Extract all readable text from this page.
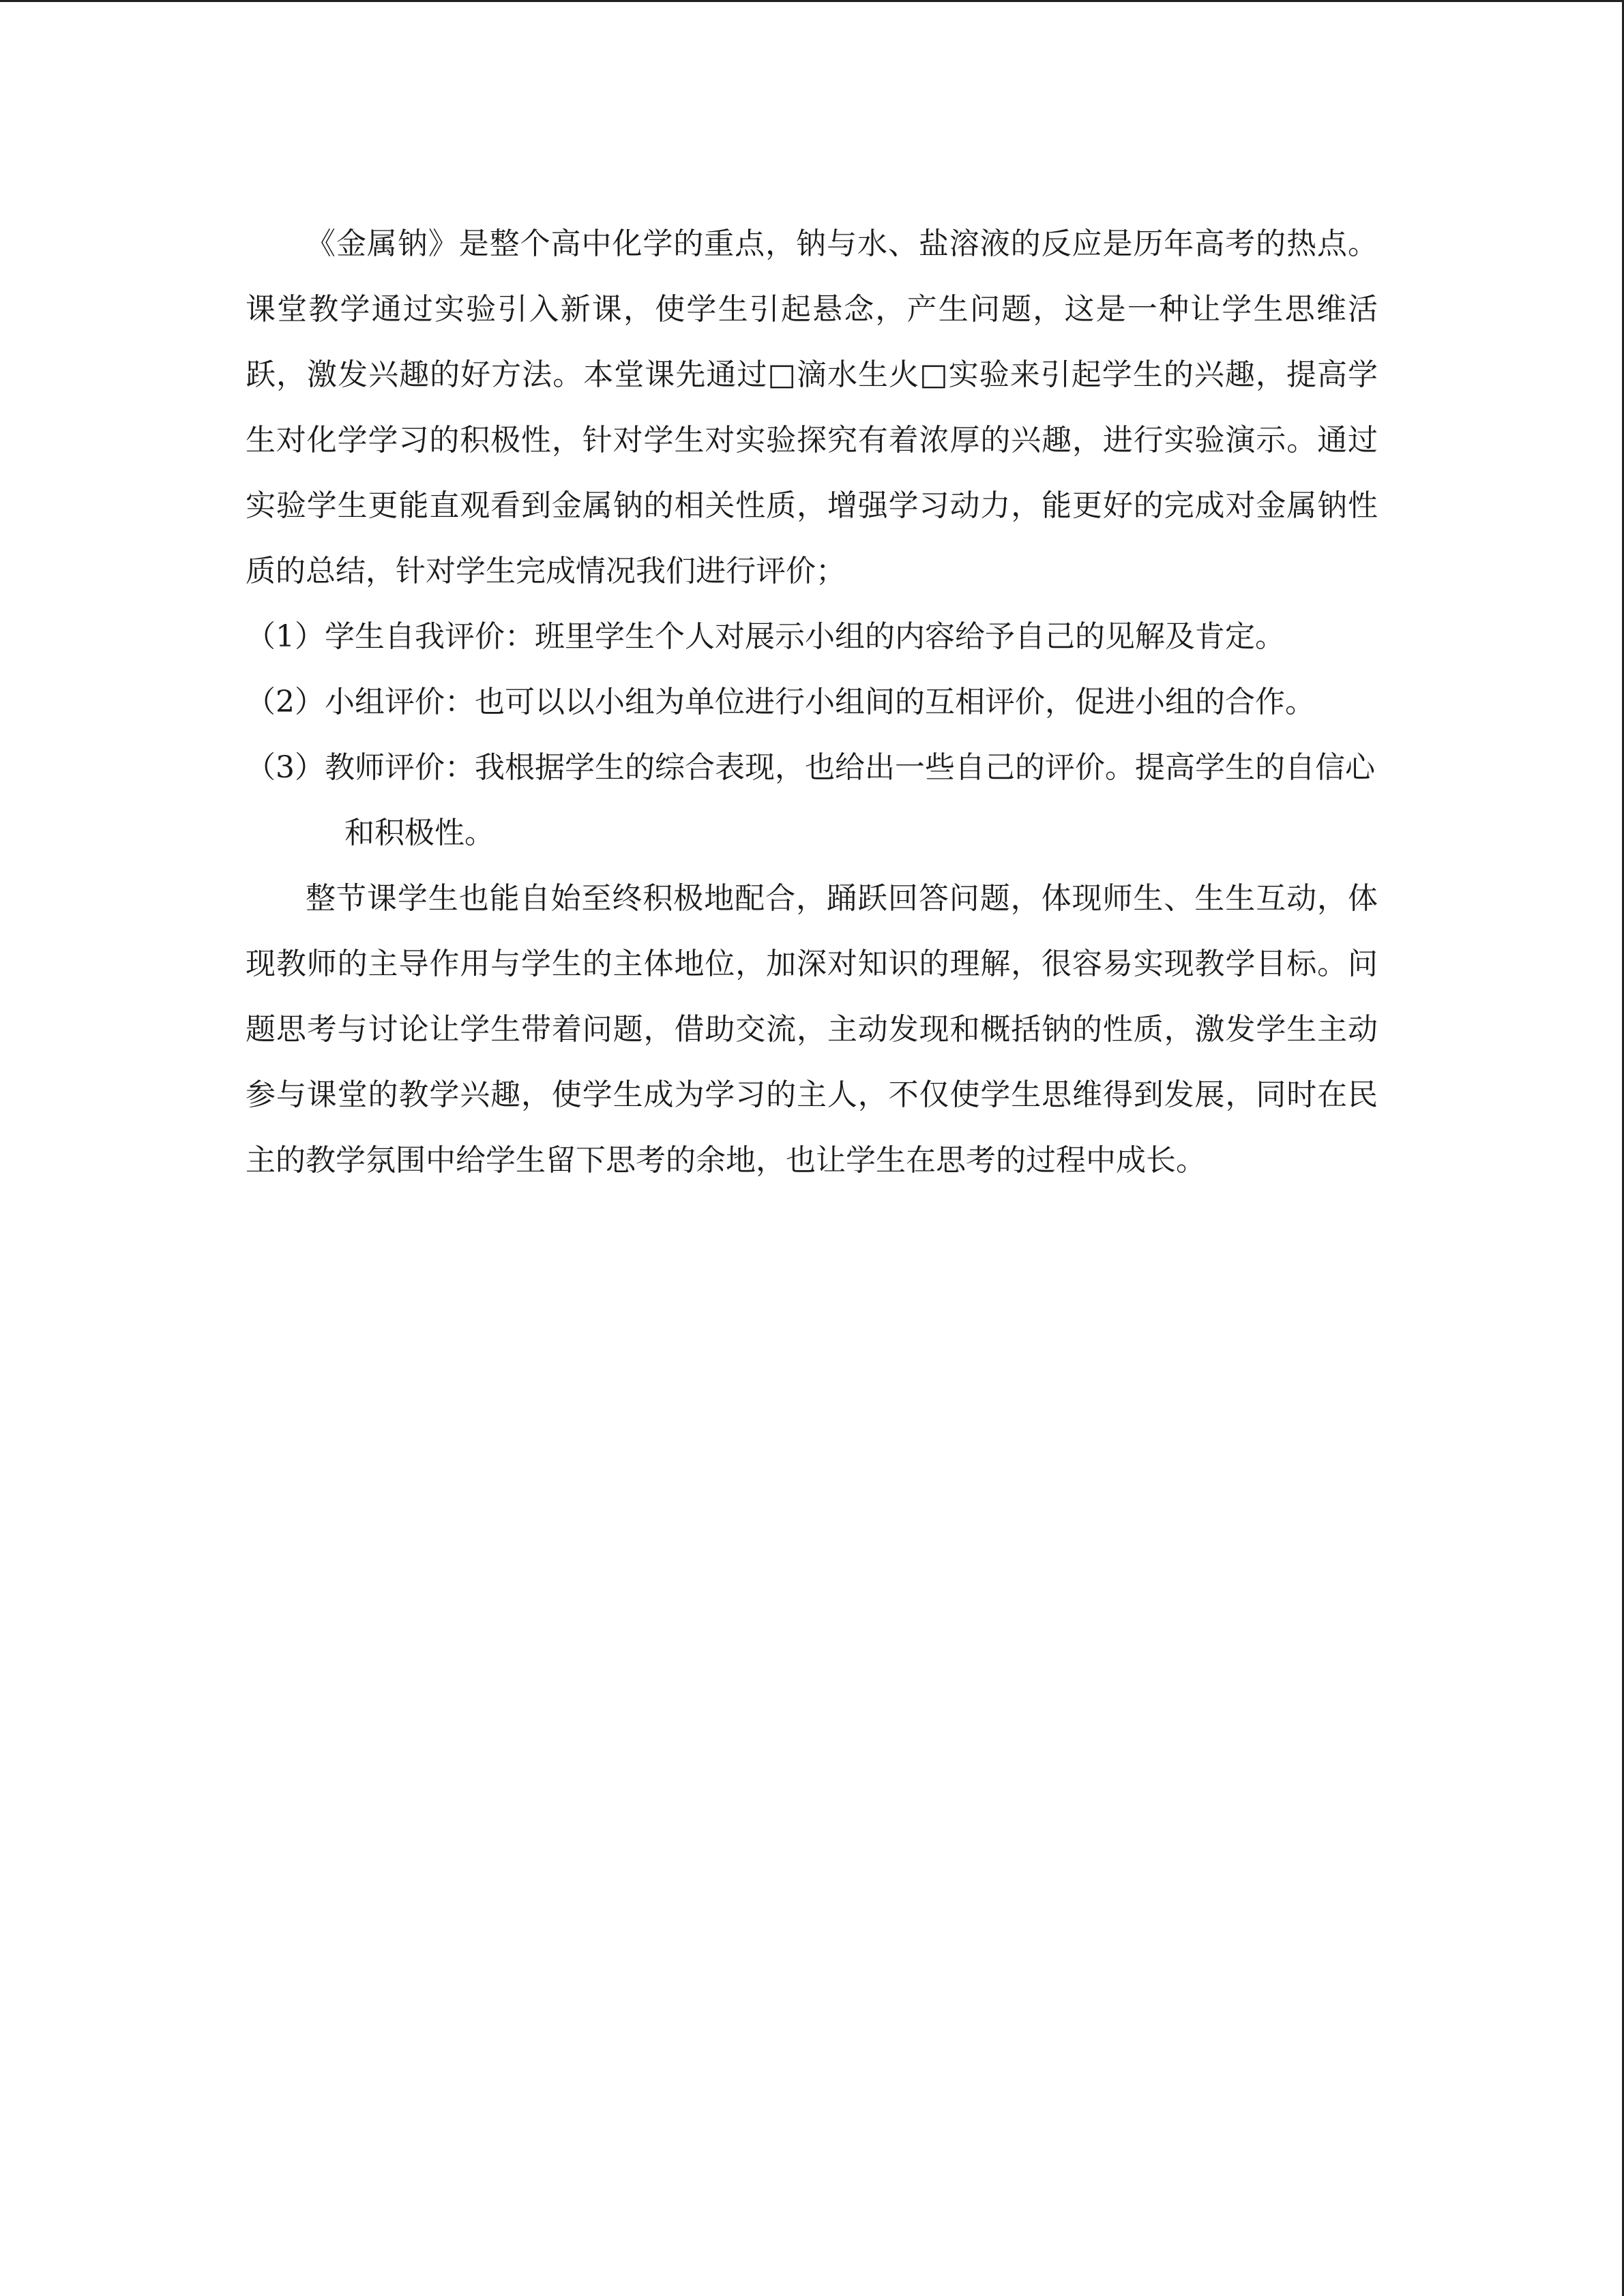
《金属钠》是整个高中化学的重点，钠与水、盐溶液的反应是历年高考的热点。课堂教学通过实验引入新课，使学生引起悬念，产生问题，这是一种让学生思维活跃，激发兴趣的好方法。本堂课先通过□滴水生火□实验来引起学生的兴趣，提高学生对化学学习的积极性，针对学生对实验探究有着浓厚的兴趣，进行实验演示。通过实验学生更能直观看到金属钠的相关性质，增强学习动力，能更好的完成对金属钠性质的总结，针对学生完成情况我们进行评价；

（1）学生自我评价：班里学生个人对展示小组的内容给予自己的见解及肯定。

（2）小组评价：也可以以小组为单位进行小组间的互相评价，促进小组的合作。

（3）教师评价：我根据学生的综合表现，也给出一些自己的评价。提高学生的自信心和积极性。

整节课学生也能自始至终积极地配合，踊跃回答问题，体现师生、生生互动，体现教师的主导作用与学生的主体地位，加深对知识的理解，很容易实现教学目标。问题思考与讨论让学生带着问题，借助交流，主动发现和概括钠的性质，激发学生主动参与课堂的教学兴趣，使学生成为学习的主人，不仅使学生思维得到发展，同时在民主的教学氛围中给学生留下思考的余地，也让学生在思考的过程中成长。
